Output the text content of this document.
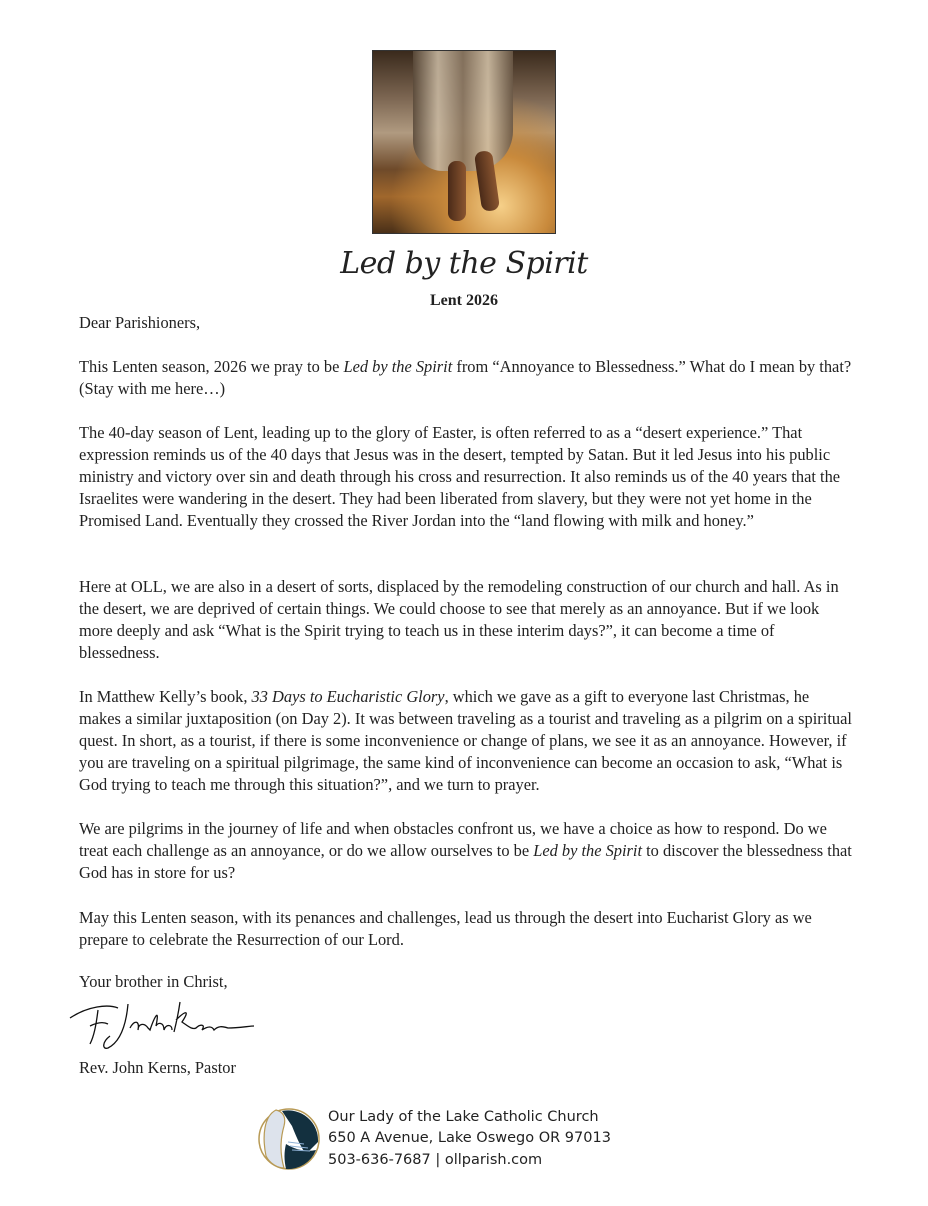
Led by the Spirit
Lent 2026

Dear Parishioners,

This Lenten season, 2026 we pray to be Led by the Spirit from “Annoyance to Blessedness.” What do I mean by that? (Stay with me here…)

The 40-day season of Lent, leading up to the glory of Easter, is often referred to as a “desert experience.” That expression reminds us of the 40 days that Jesus was in the desert, tempted by Satan. But it led Jesus into his public ministry and victory over sin and death through his cross and resurrection. It also reminds us of the 40 years that the Israelites were wandering in the desert. They had been liberated from slavery, but they were not yet home in the Promised Land. Eventually they crossed the River Jordan into the “land flowing with milk and honey.”

Here at OLL, we are also in a desert of sorts, displaced by the remodeling construction of our church and hall. As in the desert, we are deprived of certain things. We could choose to see that merely as an annoyance. But if we look more deeply and ask “What is the Spirit trying to teach us in these interim days?”, it can become a time of blessedness.

In Matthew Kelly’s book, 33 Days to Eucharistic Glory, which we gave as a gift to everyone last Christmas, he makes a similar juxtaposition (on Day 2). It was between traveling as a tourist and traveling as a pilgrim on a spiritual quest. In short, as a tourist, if there is some inconvenience or change of plans, we see it as an annoyance. However, if you are traveling on a spiritual pilgrimage, the same kind of inconvenience can become an occasion to ask, “What is God trying to teach me through this situation?”, and we turn to prayer.

We are pilgrims in the journey of life and when obstacles confront us, we have a choice as how to respond. Do we treat each challenge as an annoyance, or do we allow ourselves to be Led by the Spirit to discover the blessedness that God has in store for us?

May this Lenten season, with its penances and challenges, lead us through the desert into Eucharist Glory as we prepare to celebrate the Resurrection of our Lord.

Your brother in Christ,

Rev. John Kerns, Pastor

Our Lady of the Lake Catholic Church
650 A Avenue, Lake Oswego OR 97013
503-636-7687 | ollparish.com
